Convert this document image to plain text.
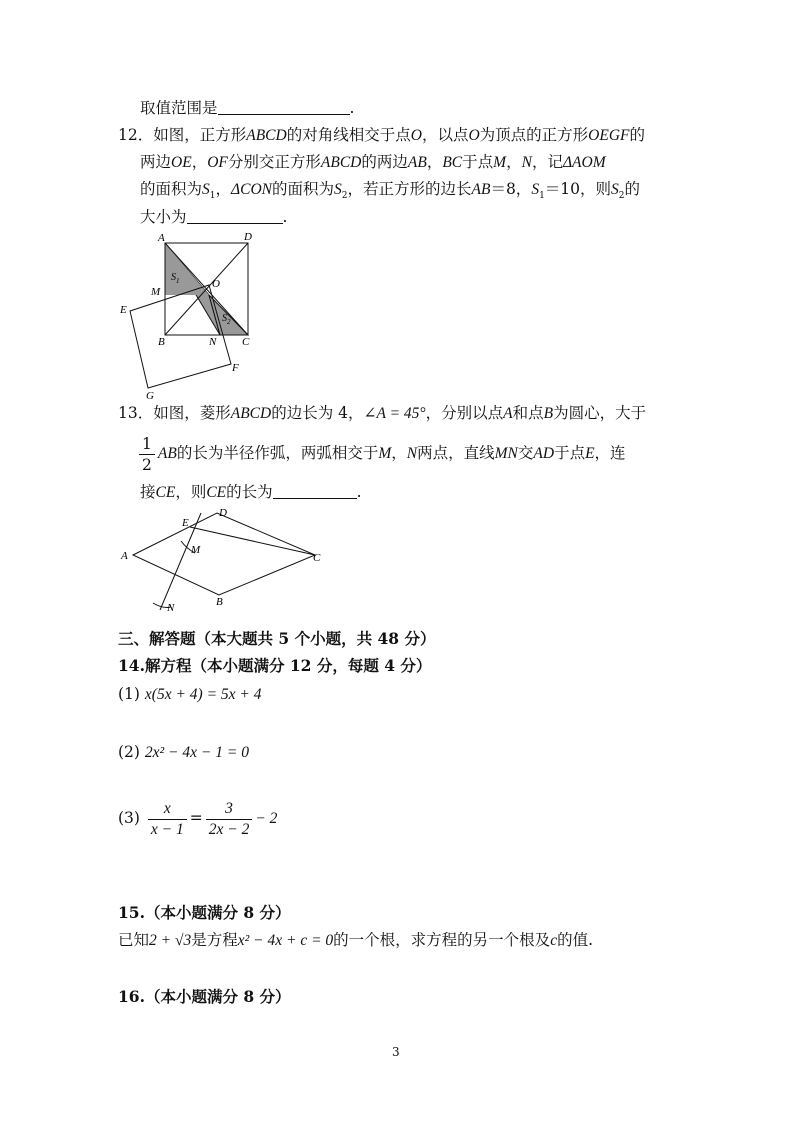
取值范围是	.
12．如图，正方形ABCD的对角线相交于点O，以点O为顶点的正方形OEGF的
两边OE，OF分别交正方形ABCD的两边AB，BC于点M，N，记ΔAOM
的面积为$S_1$，ΔCON的面积为$S_2$，若正方形的边长AB＝8，$S_1=10$，则$S_2$的
大小为	.
A	D
M
O
E
$S_1$
$S_2$
B	N C
F
G
13．如图，菱形ABCD的边长为 4，∠A = 45°，分别以点A和点B为圆心，大于
$\frac{1}{2}$ AB的长为半径作弧，两弧相交于M，N两点，直线MN交AD于点E，连
接CE，则CE的长为	.
A
E
D
M
C
N	B
三、解答题（本大题共 5 个小题，共 48 分）
14.解方程（本小题满分 12 分，每题 4 分）
(1) x(5x + 4) = 5x + 4
(2) 2x² − 4x − 1 = 0
$(3) \frac{x}{x - 1} = \frac{3}{2x - 2} - 2$
15.（本小题满分 8 分）
已知2 + √3是方程x² − 4x + c = 0的一个根，求方程的另一个根及c的值.
16.（本小题满分 8 分）
3
